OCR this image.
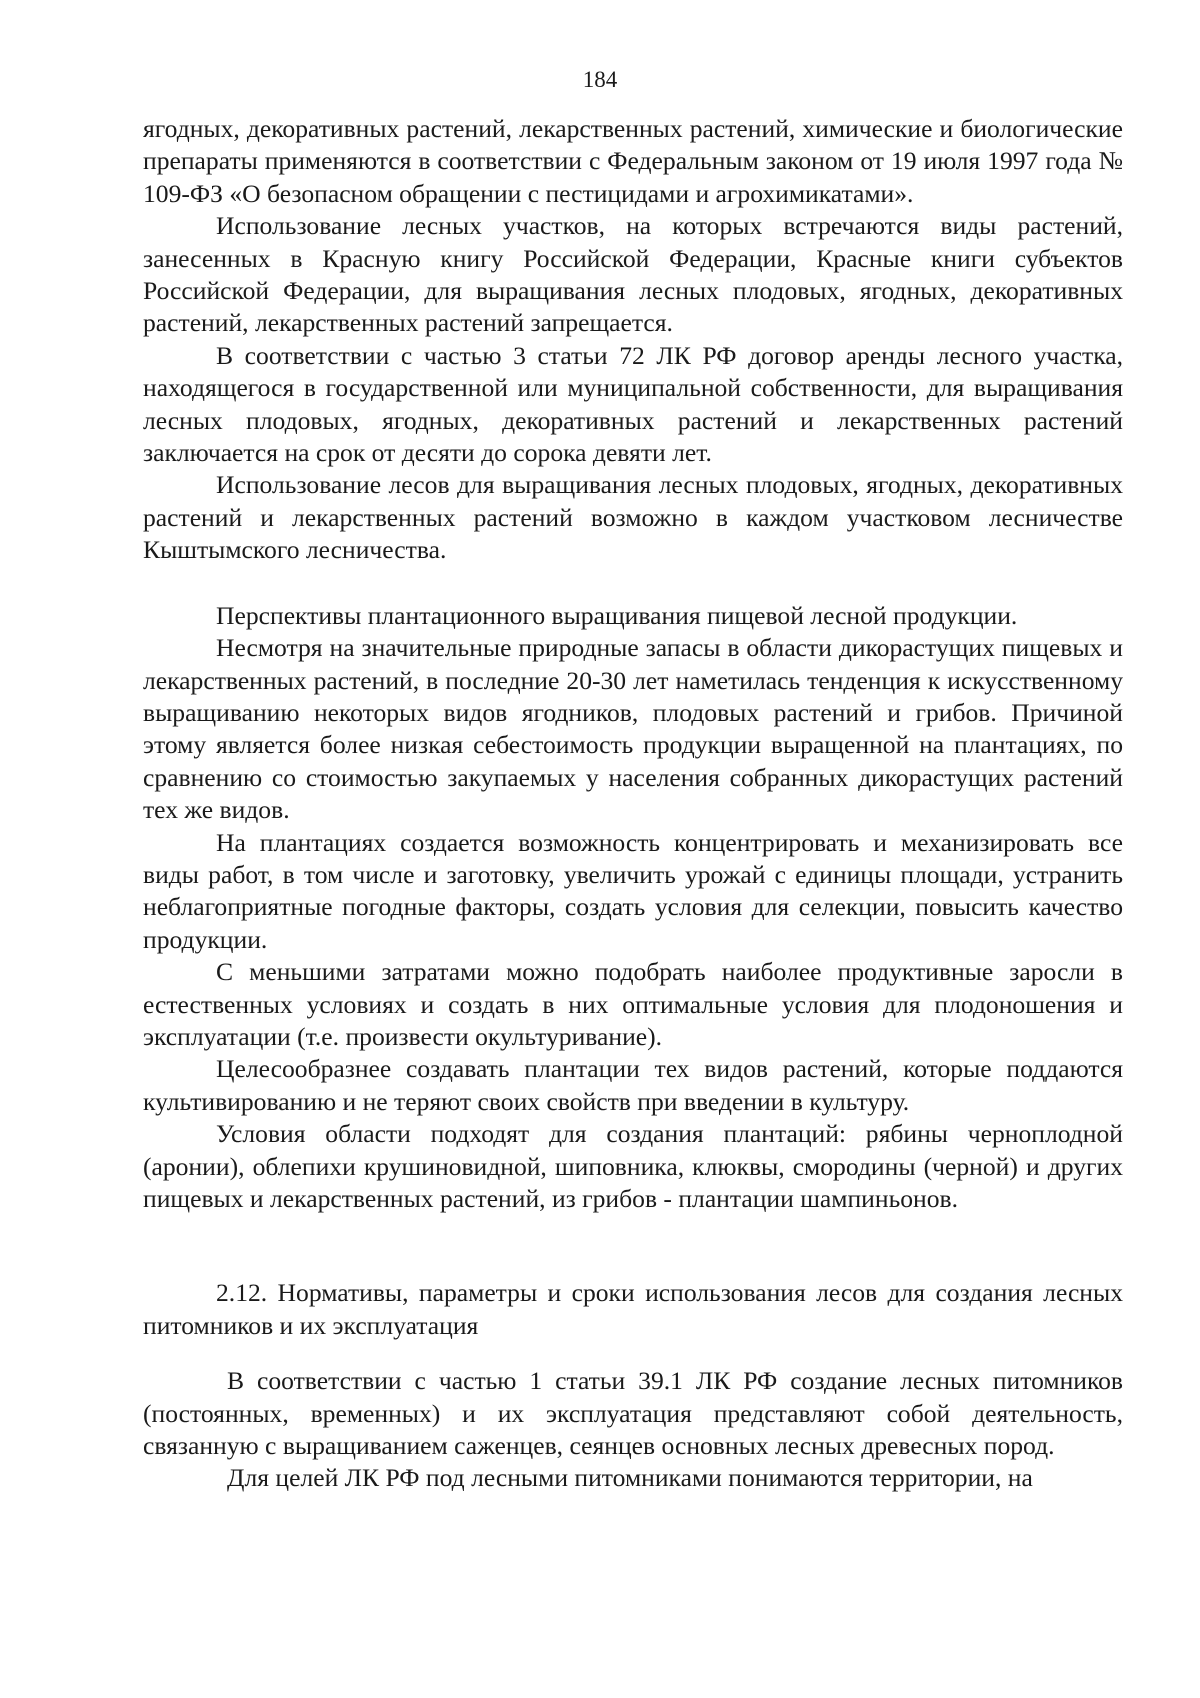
184

ягодных, декоративных растений, лекарственных растений, химические и биологические препараты применяются в соответствии с Федеральным законом от 19 июля 1997 года № 109-ФЗ «О безопасном обращении с пестицидами и агрохимикатами».

Использование лесных участков, на которых встречаются виды растений, занесенных в Красную книгу Российской Федерации, Красные книги субъектов Российской Федерации, для выращивания лесных плодовых, ягодных, декоративных растений, лекарственных растений запрещается.

В соответствии с частью 3 статьи 72 ЛК РФ договор аренды лесного участка, находящегося в государственной или муниципальной собственности, для выращивания лесных плодовых, ягодных, декоративных растений и лекарственных растений заключается на срок от десяти до сорока девяти лет.

Использование лесов для выращивания лесных плодовых, ягодных, декоративных растений и лекарственных растений возможно в каждом участковом лесничестве Кыштымского лесничества.

Перспективы плантационного выращивания пищевой лесной продукции.

Несмотря на значительные природные запасы в области дикорастущих пищевых и лекарственных растений, в последние 20-30 лет наметилась тенденция к искусственному выращиванию некоторых видов ягодников, плодовых растений и грибов. Причиной этому является более низкая себестоимость продукции выращенной на плантациях, по сравнению со стоимостью закупаемых у населения собранных дикорастущих растений тех же видов.

На плантациях создается возможность концентрировать и механизировать все виды работ, в том числе и заготовку, увеличить урожай с единицы площади, устранить неблагоприятные погодные факторы, создать условия для селекции, повысить качество продукции.

С меньшими затратами можно подобрать наиболее продуктивные заросли в естественных условиях и создать в них оптимальные условия для плодоношения и эксплуатации (т.е. произвести окультуривание).

Целесообразнее создавать плантации тех видов растений, которые поддаются культивированию и не теряют своих свойств при введении в культуру.

Условия области подходят для создания плантаций: рябины черноплодной (аронии), облепихи крушиновидной, шиповника, клюквы, смородины (черной) и других пищевых и лекарственных растений, из грибов - плантации шампиньонов.

2.12. Нормативы, параметры и сроки использования лесов для создания лесных питомников и их эксплуатация

В соответствии с частью 1 статьи 39.1 ЛК РФ создание лесных питомников (постоянных, временных) и их эксплуатация представляют собой деятельность, связанную с выращиванием саженцев, сеянцев основных лесных древесных пород.

Для целей ЛК РФ под лесными питомниками понимаются территории, на
